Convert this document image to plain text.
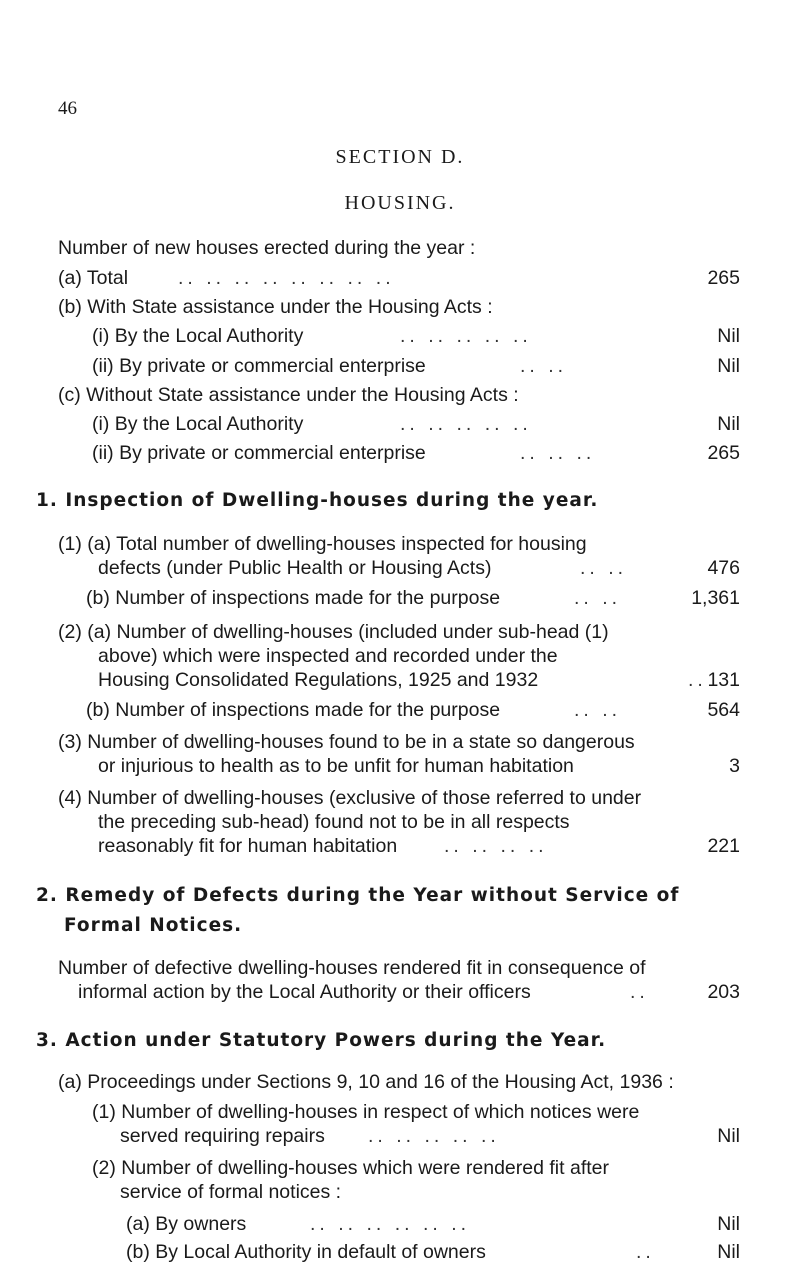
46
SECTION D.
HOUSING.
Number of new houses erected during the year :
(a) Total	.. .. .. .. .. .. .. ..	265
(b) With State assistance under the Housing Acts :
(i) By the Local Authority	.. .. .. .. ..	Nil
(ii) By private or commercial enterprise	.. ..	Nil
(c) Without State assistance under the Housing Acts :
(i) By the Local Authority	.. .. .. .. ..	Nil
(ii) By private or commercial enterprise	.. .. ..	265
1. Inspection of Dwelling-houses during the year.
(1) (a) Total number of dwelling-houses inspected for housing
defects (under Public Health or Housing Acts)	.. ..	476
(b) Number of inspections made for the purpose	.. ..	1,361
(2) (a) Number of dwelling-houses (included under sub-head (1)
above) which were inspected and recorded under the
Housing Consolidated Regulations, 1925 and 1932	.. 131
(b) Number of inspections made for the purpose	.. ..	564
(3) Number of dwelling-houses found to be in a state so dangerous
or injurious to health as to be unfit for human habitation	3
(4) Number of dwelling-houses (exclusive of those referred to under
the preceding sub-head) found not to be in all respects
reasonably fit for human habitation .. .. .. ..	221
2. Remedy of Defects during the Year without Service of
Formal Notices.
Number of defective dwelling-houses rendered fit in consequence of
informal action by the Local Authority or their officers	..	203
3. Action under Statutory Powers during the Year.
(a) Proceedings under Sections 9, 10 and 16 of the Housing Act, 1936 :
(1) Number of dwelling-houses in respect of which notices were
served requiring repairs .. .. .. .. ..	Nil
(2) Number of dwelling-houses which were rendered fit after
service of formal notices :
(a) By owners	.. .. .. .. .. ..	Nil
(b) By Local Authority in default of owners	..	Nil
